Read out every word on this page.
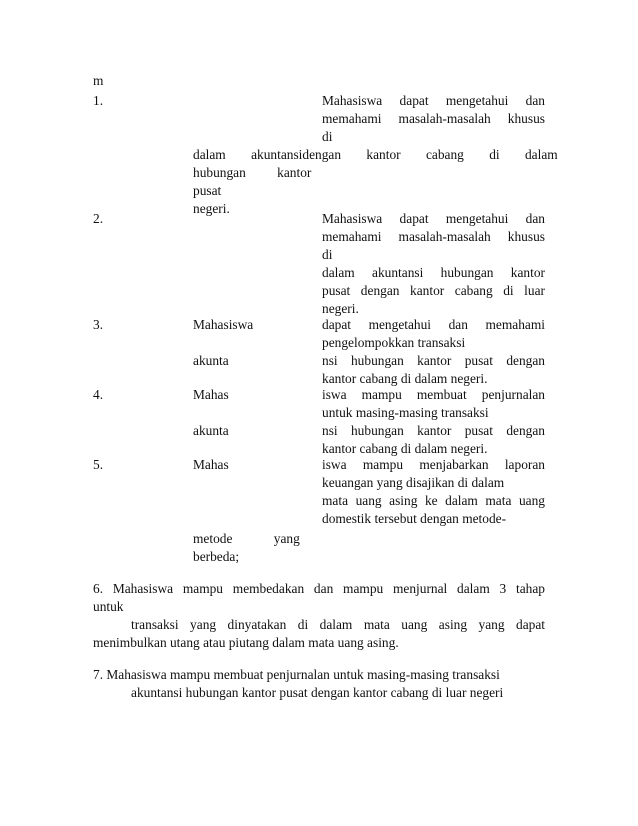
m
1.	Mahasiswa dapat mengetahui dan
memahami masalah-masalah khusus
di
dalam akuntansidengan kantor cabang di dalam
hubungan kantor
pusat
negeri.
2.	Mahasiswa dapat mengetahui dan
memahami masalah-masalah khusus
di
dalam akuntansi hubungan kantor
pusat dengan kantor cabang di luar
negeri.
3.	Mahasiswa	dapat mengetahui dan memahami
pengelompokkan transaksi
akunta	nsi hubungan kantor pusat dengan
kantor cabang di dalam negeri.
4.	Mahas	iswa mampu membuat penjurnalan
untuk masing-masing transaksi
akunta	nsi hubungan kantor pusat dengan
kantor cabang di dalam negeri.
5.	Mahas	iswa mampu menjabarkan laporan
keuangan yang disajikan di dalam
mata uang asing ke dalam mata uang
domestik tersebut dengan metode-
metode yang
berbeda;
6. Mahasiswa mampu membedakan dan mampu menjurnal dalam 3 tahap
untuk
transaksi yang dinyatakan di dalam mata uang asing yang dapat
menimbulkan utang atau piutang dalam mata uang asing.
7. Mahasiswa mampu membuat penjurnalan untuk masing-masing transaksi
akuntansi hubungan kantor pusat dengan kantor cabang di luar negeri
